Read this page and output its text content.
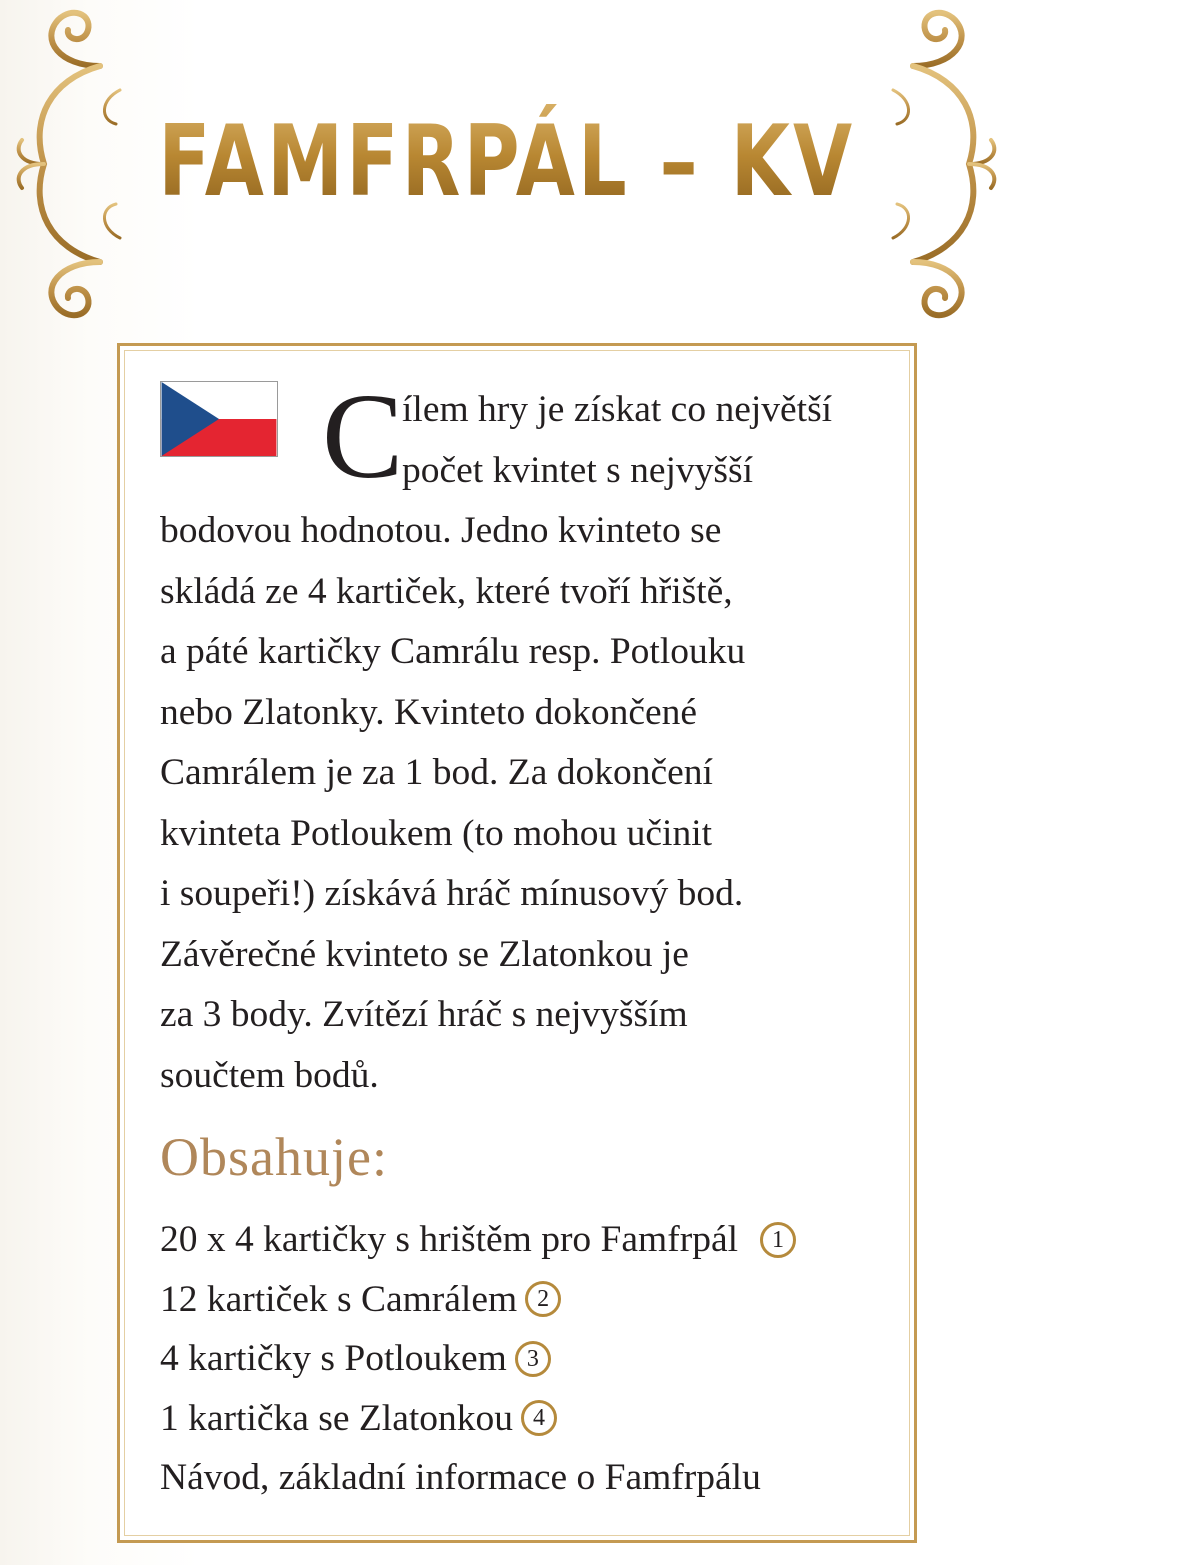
FAMFRPÁL – KVINTETO
C

ílem hry je získat co největší
počet kvintet s nejvyšší
bodovou hodnotou. Jedno kvinteto se
skládá ze 4 kartiček, které tvoří hřiště,
a páté kartičky Camrálu resp. Potlouku
nebo Zlatonky. Kvinteto dokončené
Camrálem je za 1 bod. Za dokončení
kvinteta Potloukem (to mohou učinit
i soupeři!) získává hráč mínusový bod.
Závěrečné kvinteto se Zlatonkou je
za 3 body. Zvítězí hráč s nejvyšším
součtem bodů.

Obsahuje:
20 x 4 kartičky s hrištěm pro Famfrpál	1
12 kartiček s Camrálem 2
4 kartičky s Potloukem 3
1 kartička se Zlatonkou 4
Návod, základní informace o Famfrpálu
